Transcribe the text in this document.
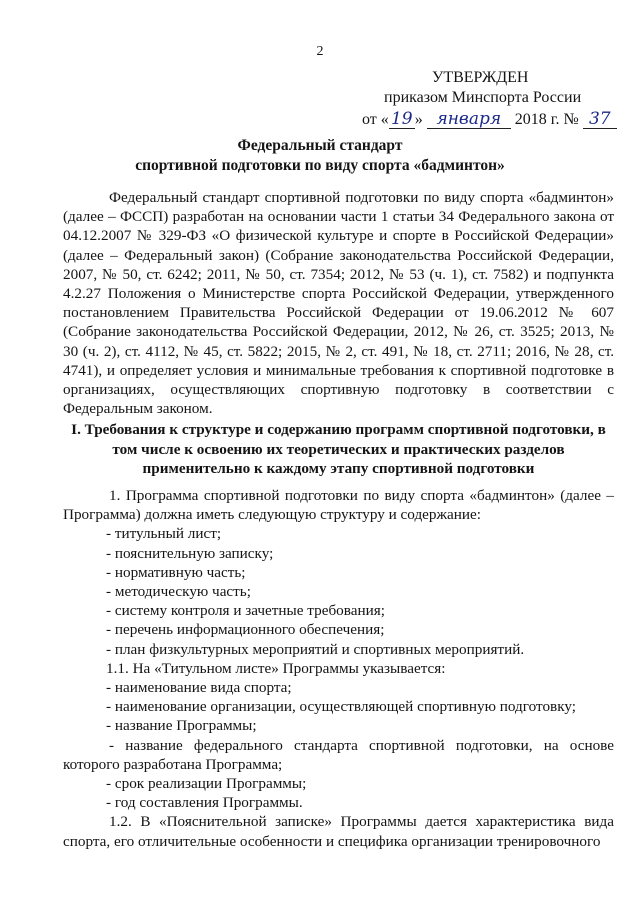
2
УТВЕРЖДЕН
приказом Минспорта России
от « 19 » января 2018 г. № 37
Федеральный стандарт
спортивной подготовки по виду спорта «бадминтон»

Федеральный стандарт спортивной подготовки по виду спорта «бадминтон» (далее – ФССП) разработан на основании части 1 статьи 34 Федерального закона от 04.12.2007 № 329-ФЗ «О физической культуре и спорте в Российской Федерации» (далее – Федеральный закон) (Собрание законодательства Российской Федерации, 2007, № 50, ст. 6242; 2011, № 50, ст. 7354; 2012, № 53 (ч. 1), ст. 7582) и подпункта 4.2.27 Положения о Министерстве спорта Российской Федерации, утвержденного постановлением Правительства Российской Федерации от 19.06.2012 № 607 (Собрание законодательства Российской Федерации, 2012, № 26, ст. 3525; 2013, № 30 (ч. 2), ст. 4112, № 45, ст. 5822; 2015, № 2, ст. 491, № 18, ст. 2711; 2016, № 28, ст. 4741), и определяет условия и минимальные требования к спортивной подготовке в организациях, осуществляющих спортивную подготовку в соответствии с Федеральным законом.

I. Требования к структуре и содержанию программ спортивной подготовки, в том числе к освоению их теоретических и практических разделов применительно к каждому этапу спортивной подготовки

1. Программа спортивной подготовки по виду спорта «бадминтон» (далее – Программа) должна иметь следующую структуру и содержание:

- титульный лист;

- пояснительную записку;

- нормативную часть;

- методическую часть;

- систему контроля и зачетные требования;

- перечень информационного обеспечения;

- план физкультурных мероприятий и спортивных мероприятий.

1.1. На «Титульном листе» Программы указывается:

- наименование вида спорта;

- наименование организации, осуществляющей спортивную подготовку;

- название Программы;

- название федерального стандарта спортивной подготовки, на основе которого разработана Программа;

- срок реализации Программы;

- год составления Программы.

1.2. В «Пояснительной записке» Программы дается характеристика вида спорта, его отличительные особенности и специфика организации тренировочного
